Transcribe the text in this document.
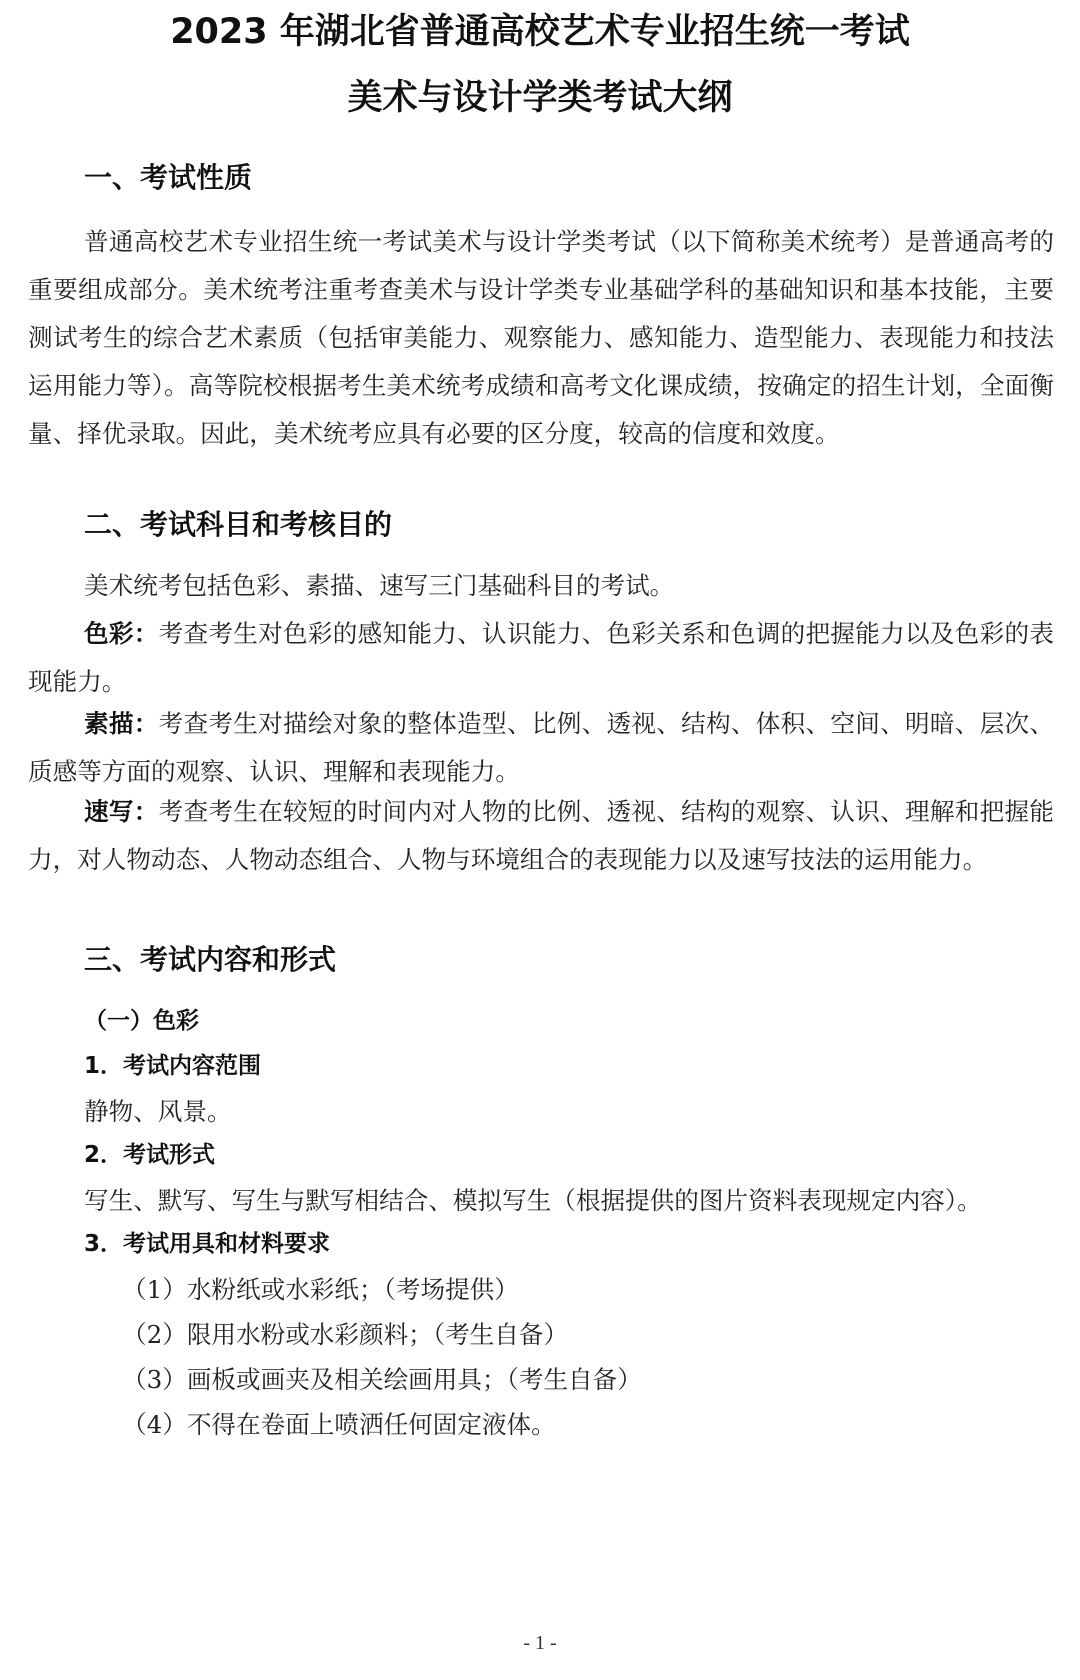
2023 年湖北省普通高校艺术专业招生统一考试
美术与设计学类考试大纲
一、考试性质

普通高校艺术专业招生统一考试美术与设计学类考试（以下简称美术统考）是普通高考的重要组成部分。美术统考注重考查美术与设计学类专业基础学科的基础知识和基本技能，主要测试考生的综合艺术素质（包括审美能力、观察能力、感知能力、造型能力、表现能力和技法运用能力等）。高等院校根据考生美术统考成绩和高考文化课成绩，按确定的招生计划，全面衡量、择优录取。因此，美术统考应具有必要的区分度，较高的信度和效度。

二、考试科目和考核目的

美术统考包括色彩、素描、速写三门基础科目的考试。

色彩：考查考生对色彩的感知能力、认识能力、色彩关系和色调的把握能力以及色彩的表现能力。

素描：考查考生对描绘对象的整体造型、比例、透视、结构、体积、空间、明暗、层次、质感等方面的观察、认识、理解和表现能力。

速写：考查考生在较短的时间内对人物的比例、透视、结构的观察、认识、理解和把握能力，对人物动态、人物动态组合、人物与环境组合的表现能力以及速写技法的运用能力。

三、考试内容和形式
（一）色彩
1．考试内容范围
静物、风景。
2．考试形式
写生、默写、写生与默写相结合、模拟写生（根据提供的图片资料表现规定内容）。
3．考试用具和材料要求
（1）水粉纸或水彩纸；（考场提供）
（2）限用水粉或水彩颜料；（考生自备）
（3）画板或画夹及相关绘画用具；（考生自备）
（4）不得在卷面上喷洒任何固定液体。
- 1 -
